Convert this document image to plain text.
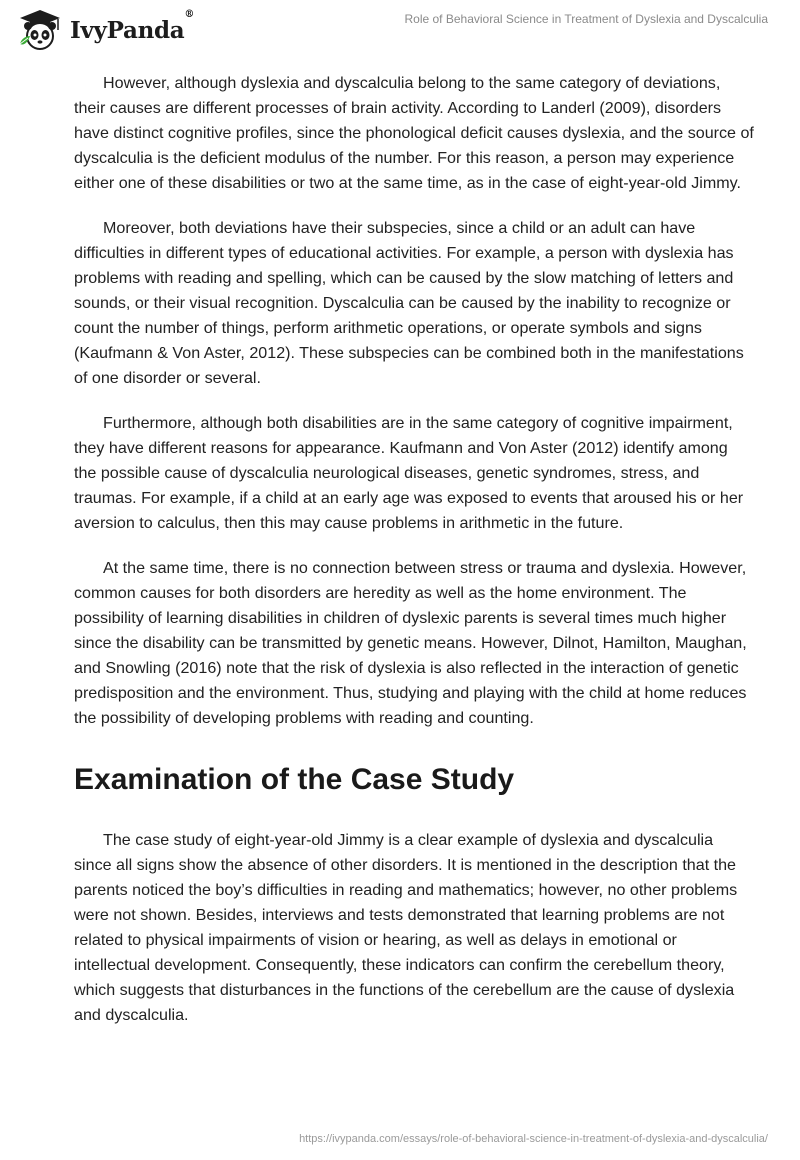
IvyPanda®	Role of Behavioral Science in Treatment of Dyslexia and Dyscalculia

However, although dyslexia and dyscalculia belong to the same category of deviations, their causes are different processes of brain activity. According to Landerl (2009), disorders have distinct cognitive profiles, since the phonological deficit causes dyslexia, and the source of dyscalculia is the deficient modulus of the number. For this reason, a person may experience either one of these disabilities or two at the same time, as in the case of eight-year-old Jimmy.

Moreover, both deviations have their subspecies, since a child or an adult can have difficulties in different types of educational activities. For example, a person with dyslexia has problems with reading and spelling, which can be caused by the slow matching of letters and sounds, or their visual recognition. Dyscalculia can be caused by the inability to recognize or count the number of things, perform arithmetic operations, or operate symbols and signs (Kaufmann & Von Aster, 2012). These subspecies can be combined both in the manifestations of one disorder or several.

Furthermore, although both disabilities are in the same category of cognitive impairment, they have different reasons for appearance. Kaufmann and Von Aster (2012) identify among the possible cause of dyscalculia neurological diseases, genetic syndromes, stress, and traumas. For example, if a child at an early age was exposed to events that aroused his or her aversion to calculus, then this may cause problems in arithmetic in the future.

At the same time, there is no connection between stress or trauma and dyslexia. However, common causes for both disorders are heredity as well as the home environment. The possibility of learning disabilities in children of dyslexic parents is several times much higher since the disability can be transmitted by genetic means. However, Dilnot, Hamilton, Maughan, and Snowling (2016) note that the risk of dyslexia is also reflected in the interaction of genetic predisposition and the environment. Thus, studying and playing with the child at home reduces the possibility of developing problems with reading and counting.

Examination of the Case Study

The case study of eight-year-old Jimmy is a clear example of dyslexia and dyscalculia since all signs show the absence of other disorders. It is mentioned in the description that the parents noticed the boy’s difficulties in reading and mathematics; however, no other problems were not shown. Besides, interviews and tests demonstrated that learning problems are not related to physical impairments of vision or hearing, as well as delays in emotional or intellectual development. Consequently, these indicators can confirm the cerebellum theory, which suggests that disturbances in the functions of the cerebellum are the cause of dyslexia and dyscalculia.

https://ivypanda.com/essays/role-of-behavioral-science-in-treatment-of-dyslexia-and-dyscalculia/
